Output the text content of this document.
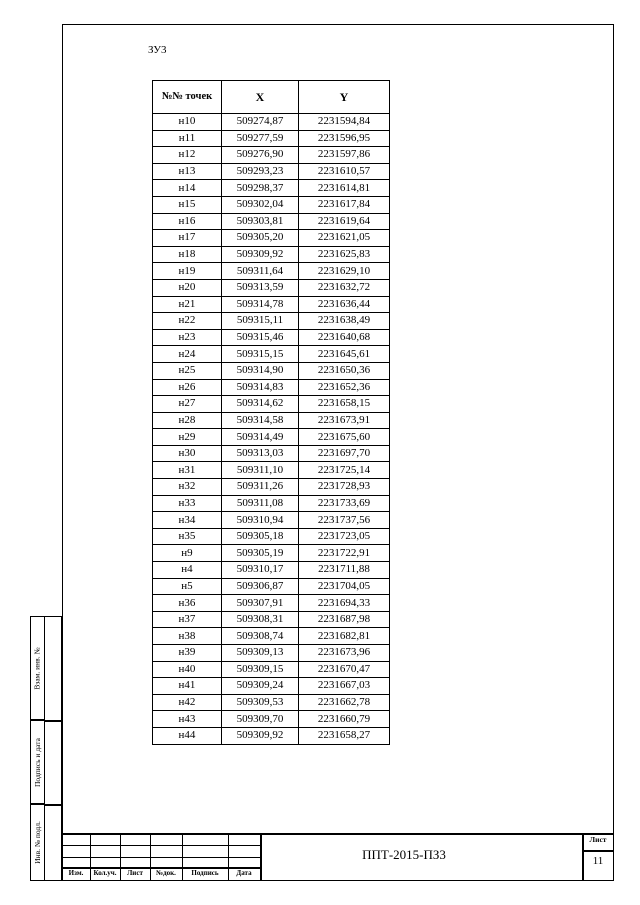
ЗУ3
№№ точек	X	Y
н10	509274,87	2231594,84
н11	509277,59	2231596,95
н12	509276,90	2231597,86
н13	509293,23	2231610,57
н14	509298,37	2231614,81
н15	509302,04	2231617,84
н16	509303,81	2231619,64
н17	509305,20	2231621,05
н18	509309,92	2231625,83
н19	509311,64	2231629,10
н20	509313,59	2231632,72
н21	509314,78	2231636,44
н22	509315,11	2231638,49
н23	509315,46	2231640,68
н24	509315,15	2231645,61
н25	509314,90	2231650,36
н26	509314,83	2231652,36
н27	509314,62	2231658,15
н28	509314,58	2231673,91
н29	509314,49	2231675,60
н30	509313,03	2231697,70
н31	509311,10	2231725,14
н32	509311,26	2231728,93
н33	509311,08	2231733,69
н34	509310,94	2231737,56
н35	509305,18	2231723,05
н9	509305,19	2231722,91
н4	509310,17	2231711,88
н5	509306,87	2231704,05
н36	509307,91	2231694,33
н37	509308,31	2231687,98
н38	509308,74	2231682,81
н39	509309,13	2231673,96
н40	509309,15	2231670,47
н41	509309,24	2231667,03
н42	509309,53	2231662,78
н43	509309,70	2231660,79
н44	509309,92	2231658,27
Взам. инв. №
Подпись и дата
Инв. № подл.
Изм.	Кол.уч.	Лист	№док.	Подпись	Дата
ППТ-2015-ПЗ3
Лист
11
